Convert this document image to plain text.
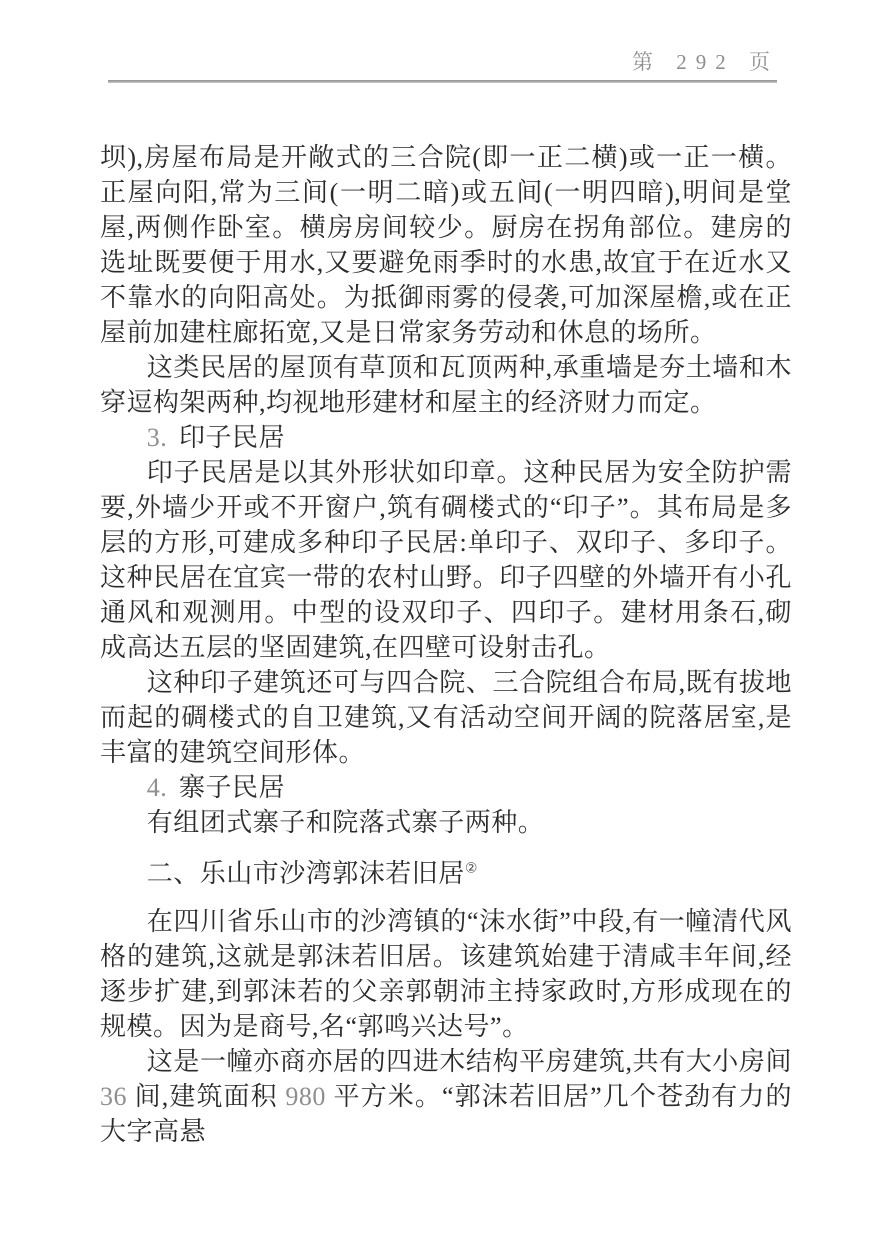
第 292 页

坝),房屋布局是开敞式的三合院(即一正二横)或一正一横。正屋向阳,常为三间(一明二暗)或五间(一明四暗),明间是堂屋,两侧作卧室。横房房间较少。厨房在拐角部位。建房的选址既要便于用水,又要避免雨季时的水患,故宜于在近水又不靠水的向阳高处。为抵御雨雾的侵袭,可加深屋檐,或在正屋前加建柱廊拓宽,又是日常家务劳动和休息的场所。

这类民居的屋顶有草顶和瓦顶两种,承重墙是夯土墙和木穿逗构架两种,均视地形建材和屋主的经济财力而定。

3. 印子民居

印子民居是以其外形状如印章。这种民居为安全防护需要,外墙少开或不开窗户,筑有碉楼式的“印子”。其布局是多层的方形,可建成多种印子民居:单印子、双印子、多印子。这种民居在宜宾一带的农村山野。印子四壁的外墙开有小孔通风和观测用。中型的设双印子、四印子。建材用条石,砌成高达五层的坚固建筑,在四壁可设射击孔。

这种印子建筑还可与四合院、三合院组合布局,既有拔地而起的碉楼式的自卫建筑,又有活动空间开阔的院落居室,是丰富的建筑空间形体。

4. 寨子民居

有组团式寨子和院落式寨子两种。

二、乐山市沙湾郭沫若旧居②

在四川省乐山市的沙湾镇的“沫水街”中段,有一幢清代风格的建筑,这就是郭沫若旧居。该建筑始建于清咸丰年间,经逐步扩建,到郭沫若的父亲郭朝沛主持家政时,方形成现在的规模。因为是商号,名“郭鸣兴达号”。

这是一幢亦商亦居的四进木结构平房建筑,共有大小房间 36 间,建筑面积 980 平方米。“郭沫若旧居”几个苍劲有力的大字高悬
